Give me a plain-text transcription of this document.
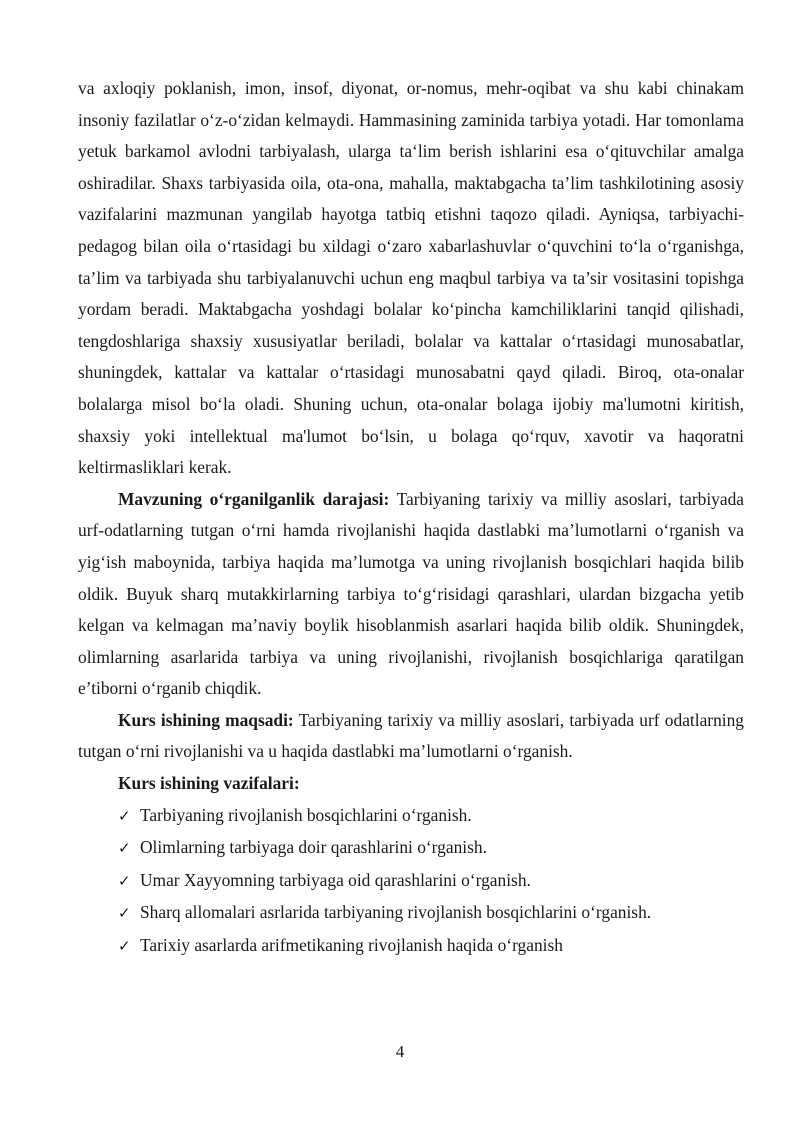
va axloqiy poklanish, imon, insof, diyonat, or-nomus, mehr-oqibat va shu kabi chinakam insoniy fazilatlar o‘z-o‘zidan kelmaydi. Hammasining zaminida tarbiya yotadi. Har tomonlama yetuk barkamol avlodni tarbiyalash, ularga ta‘lim berish ishlarini esa o‘qituvchilar amalga oshiradilar. Shaxs tarbiyasida oila, ota-ona, mahalla, maktabgacha ta’lim tashkilotining asosiy vazifalarini mazmunan yangilab hayotga tatbiq etishni taqozo qiladi. Ayniqsa, tarbiyachi-pedagog bilan oila o‘rtasidagi bu xildagi o‘zaro xabarlashuvlar o‘quvchini to‘la o‘rganishga, ta’lim va tarbiyada shu tarbiyalanuvchi uchun eng maqbul tarbiya va ta’sir vositasini topishga yordam beradi. Maktabgacha yoshdagi bolalar ko‘pincha kamchiliklarini tanqid qilishadi, tengdoshlariga shaxsiy xususiyatlar beriladi, bolalar va kattalar o‘rtasidagi munosabatlar, shuningdek, kattalar va kattalar o‘rtasidagi munosabatni qayd qiladi. Biroq, ota-onalar bolalarga misol bo‘la oladi. Shuning uchun, ota-onalar bolaga ijobiy ma'lumotni kiritish, shaxsiy yoki intellektual ma'lumot bo‘lsin, u bolaga qo‘rquv, xavotir va haqoratni keltirmasliklari kerak.

Mavzuning o‘rganilganlik darajasi: Tarbiyaning tarixiy va milliy asoslari, tarbiyada urf-odatlarning tutgan o‘rni hamda rivojlanishi haqida dastlabki ma’lumotlarni o‘rganish va yig‘ish maboynida, tarbiya haqida ma’lumotga va uning rivojlanish bosqichlari haqida bilib oldik. Buyuk sharq mutakkirlarning tarbiya to‘g‘risidagi qarashlari, ulardan bizgacha yetib kelgan va kelmagan ma’naviy boylik hisoblanmish asarlari haqida bilib oldik. Shuningdek, olimlarning asarlarida tarbiya va uning rivojlanishi, rivojlanish bosqichlariga qaratilgan e’tiborni o‘rganib chiqdik.

Kurs ishining maqsadi: Tarbiyaning tarixiy va milliy asoslari, tarbiyada urf odatlarning tutgan o‘rni rivojlanishi va u haqida dastlabki ma’lumotlarni o‘rganish.

Kurs ishining vazifalari:

✓ Tarbiyaning rivojlanish bosqichlarini o‘rganish.
✓ Olimlarning tarbiyaga doir qarashlarini o‘rganish.
✓ Umar Xayyomning tarbiyaga oid qarashlarini o‘rganish.
✓ Sharq allomalari asrlarida tarbiyaning rivojlanish bosqichlarini o‘rganish.
✓ Tarixiy asarlarda arifmetikaning rivojlanish haqida o‘rganish
4
